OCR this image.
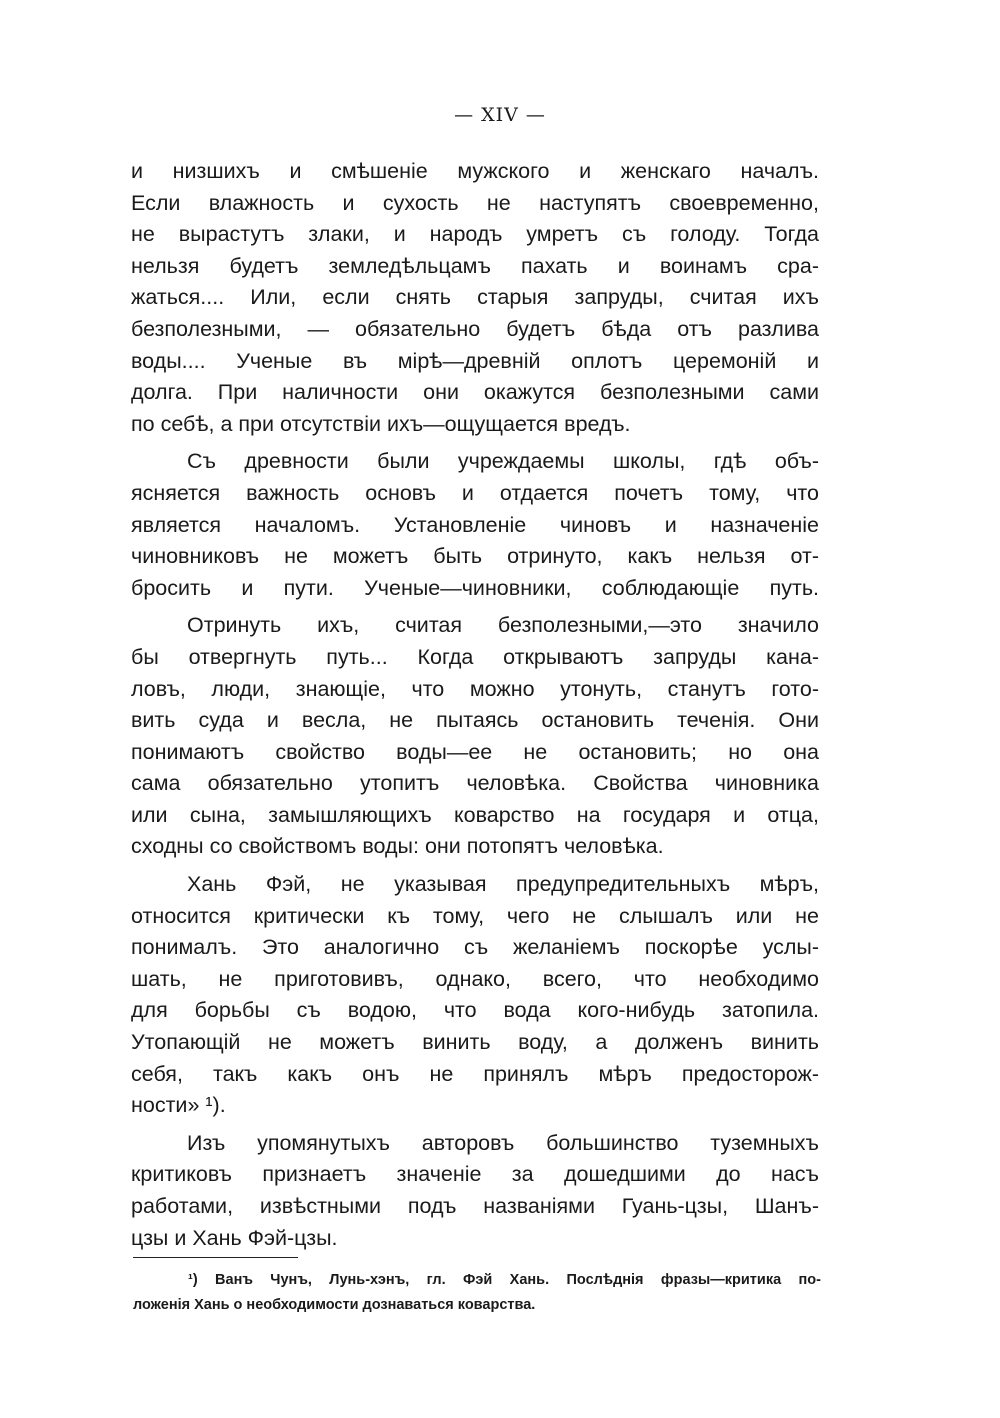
— XIV —
и низшихъ и смѣшеніе мужского и женскаго началъ.
Если влажность и сухость не наступятъ своевременно,
не вырастутъ злаки, и народъ умретъ съ голоду. Тогда
нельзя будетъ земледѣльцамъ пахать и воинамъ сра-
жаться.... Или, если снять старыя запруды, считая ихъ
безполезными, — обязательно будетъ бѣда отъ разлива
воды.... Ученые въ мірѣ—древній оплотъ церемоній и
долга. При наличности они окажутся безполезными сами
по себѣ, а при отсутствіи ихъ—ощущается вредъ.
Съ древности были учреждаемы школы, гдѣ объ-
ясняется важность основъ и отдается почетъ тому, что
является началомъ. Установленіе чиновъ и назначеніе
чиновниковъ не можетъ быть отринуто, какъ нельзя от-
бросить и пути. Ученые—чиновники, соблюдающіе путь.
Отринуть ихъ, считая безполезными,—это значило
бы отвергнуть путь... Когда открываютъ запруды кана-
ловъ, люди, знающіе, что можно утонуть, станутъ гото-
вить суда и весла, не пытаясь остановить теченія. Они
понимаютъ свойство воды—ее не остановить; но она
сама обязательно утопитъ человѣка. Свойства чиновника
или сына, замышляющихъ коварство на государя и отца,
сходны со свойствомъ воды: они потопятъ человѣка.
Хань Фэй, не указывая предупредительныхъ мѣръ,
относится критически къ тому, чего не слышалъ или не
понималъ. Это аналогично съ желаніемъ поскорѣе услы-
шать, не приготовивъ, однако, всего, что необходимо
для борьбы съ водою, что вода кого-нибудь затопила.
Утопающій не можетъ винить воду, а долженъ винить
себя, такъ какъ онъ не принялъ мѣръ предосторож-
ности» ¹).
Изъ упомянутыхъ авторовъ большинство туземныхъ
критиковъ признаетъ значеніе за дошедшими до насъ
работами, извѣстными подъ названіями Гуань-цзы, Шанъ-
цзы и Хань Фэй-цзы.
¹) Ванъ Чунъ, Лунь-хэнъ, гл. Фэй Хань. Послѣднія фразы—критика по-
ложенія Хань о необходимости дознаваться коварства.
